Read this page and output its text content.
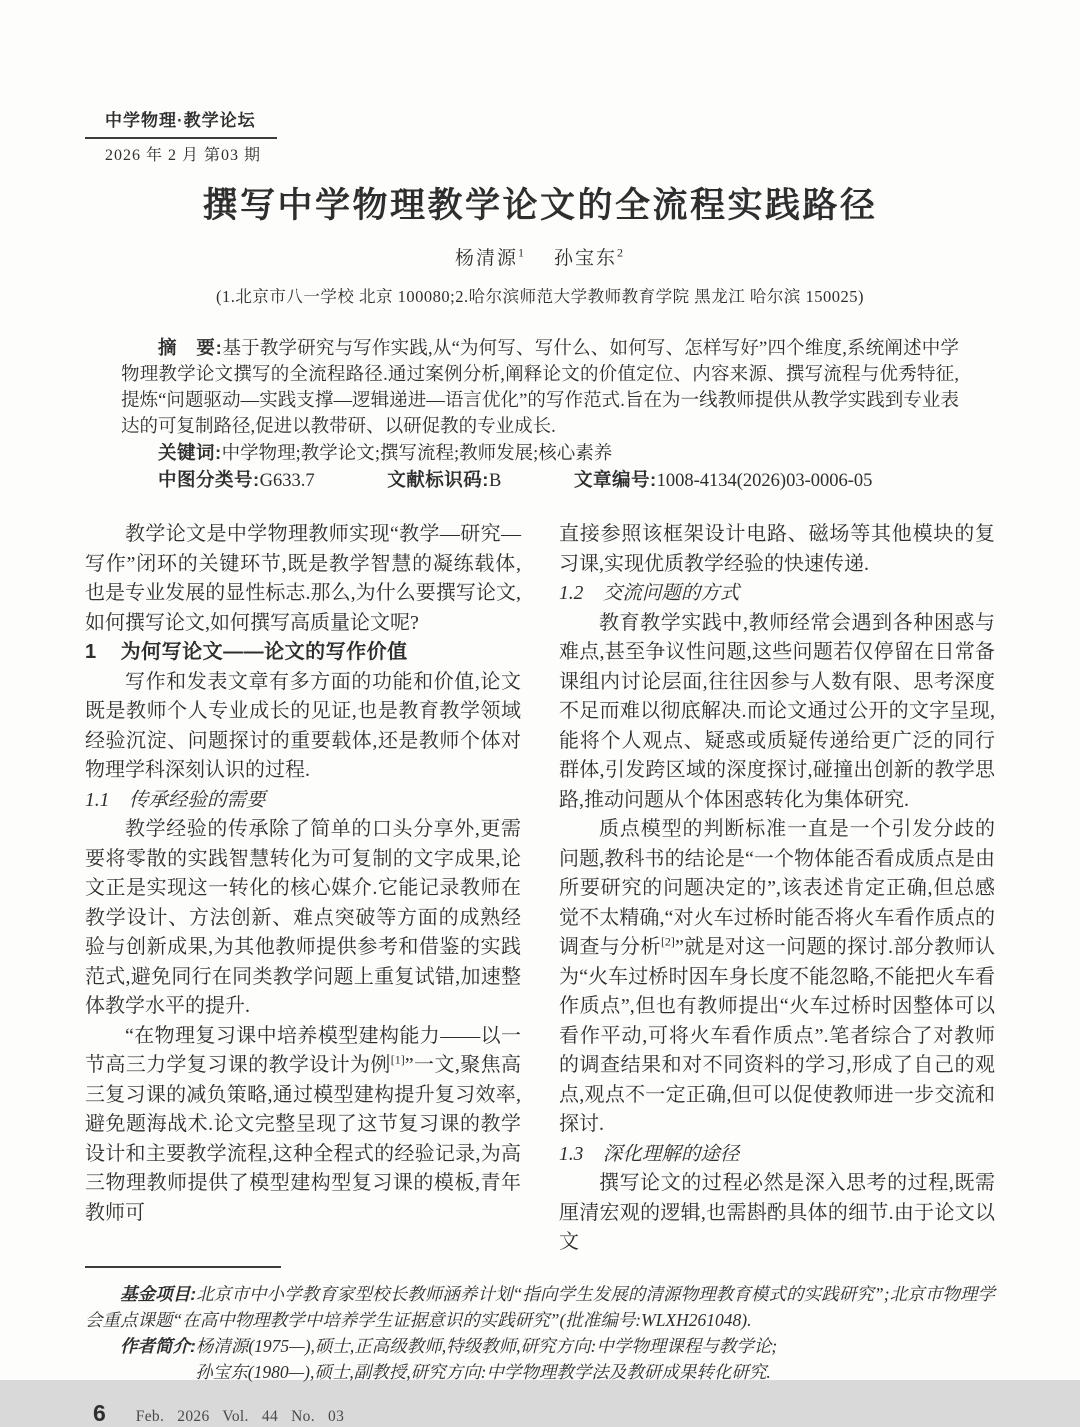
中学物理·教学论坛
2026 年 2 月 第03 期
撰写中学物理教学论文的全流程实践路径
杨清源$^1$ 孙宝东$^2$
(1.北京市八一学校 北京 100080;2.哈尔滨师范大学教师教育学院 黑龙江 哈尔滨 150025)

摘　要:基于教学研究与写作实践,从“为何写、写什么、如何写、怎样写好”四个维度,系统阐述中学物理教学论文撰写的全流程路径.通过案例分析,阐释论文的价值定位、内容来源、撰写流程与优秀特征,提炼“问题驱动—实践支撑—逻辑递进—语言优化”的写作范式.旨在为一线教师提供从教学实践到专业表达的可复制路径,促进以教带研、以研促教的专业成长.

关键词:中学物理;教学论文;撰写流程;教师发展;核心素养

中图分类号:G633.7	文献标识码:B	文章编号:1008-4134(2026)03-0006-05

教学论文是中学物理教师实现“教学—研究—写作”闭环的关键环节,既是教学智慧的凝练载体,也是专业发展的显性标志.那么,为什么要撰写论文,如何撰写论文,如何撰写高质量论文呢?

1 为何写论文——论文的写作价值

写作和发表文章有多方面的功能和价值,论文既是教师个人专业成长的见证,也是教育教学领域经验沉淀、问题探讨的重要载体,还是教师个体对物理学科深刻认识的过程.

1.1 传承经验的需要

教学经验的传承除了简单的口头分享外,更需要将零散的实践智慧转化为可复制的文字成果,论文正是实现这一转化的核心媒介.它能记录教师在教学设计、方法创新、难点突破等方面的成熟经验与创新成果,为其他教师提供参考和借鉴的实践范式,避免同行在同类教学问题上重复试错,加速整体教学水平的提升.

“在物理复习课中培养模型建构能力——以一节高三力学复习课的教学设计为例[1]”一文,聚焦高三复习课的减负策略,通过模型建构提升复习效率,避免题海战术.论文完整呈现了这节复习课的教学设计和主要教学流程,这种全程式的经验记录,为高三物理教师提供了模型建构型复习课的模板,青年教师可

直接参照该框架设计电路、磁场等其他模块的复习课,实现优质教学经验的快速传递.

1.2 交流问题的方式

教育教学实践中,教师经常会遇到各种困惑与难点,甚至争议性问题,这些问题若仅停留在日常备课组内讨论层面,往往因参与人数有限、思考深度不足而难以彻底解决.而论文通过公开的文字呈现,能将个人观点、疑惑或质疑传递给更广泛的同行群体,引发跨区域的深度探讨,碰撞出创新的教学思路,推动问题从个体困惑转化为集体研究.

质点模型的判断标准一直是一个引发分歧的问题,教科书的结论是“一个物体能否看成质点是由所要研究的问题决定的”,该表述肯定正确,但总感觉不太精确,“对火车过桥时能否将火车看作质点的调查与分析[2]”就是对这一问题的探讨.部分教师认为“火车过桥时因车身长度不能忽略,不能把火车看作质点”,但也有教师提出“火车过桥时因整体可以看作平动,可将火车看作质点”.笔者综合了对教师的调查结果和对不同资料的学习,形成了自己的观点,观点不一定正确,但可以促使教师进一步交流和探讨.

1.3 深化理解的途径

撰写论文的过程必然是深入思考的过程,既需厘清宏观的逻辑,也需斟酌具体的细节.由于论文以文

基金项目:北京市中小学教育家型校长教师涵养计划“指向学生发展的清源物理教育模式的实践研究”;北京市物理学会重点课题“在高中物理教学中培养学生证据意识的实践研究”(批准编号:WLXH261048).

作者简介:杨清源(1975—),硕士,正高级教师,特级教师,研究方向:中学物理课程与教学论;

孙宝东(1980—),硕士,副教授,研究方向:中学物理教学法及教研成果转化研究.

6 Feb. 2026 Vol. 44 No. 03
